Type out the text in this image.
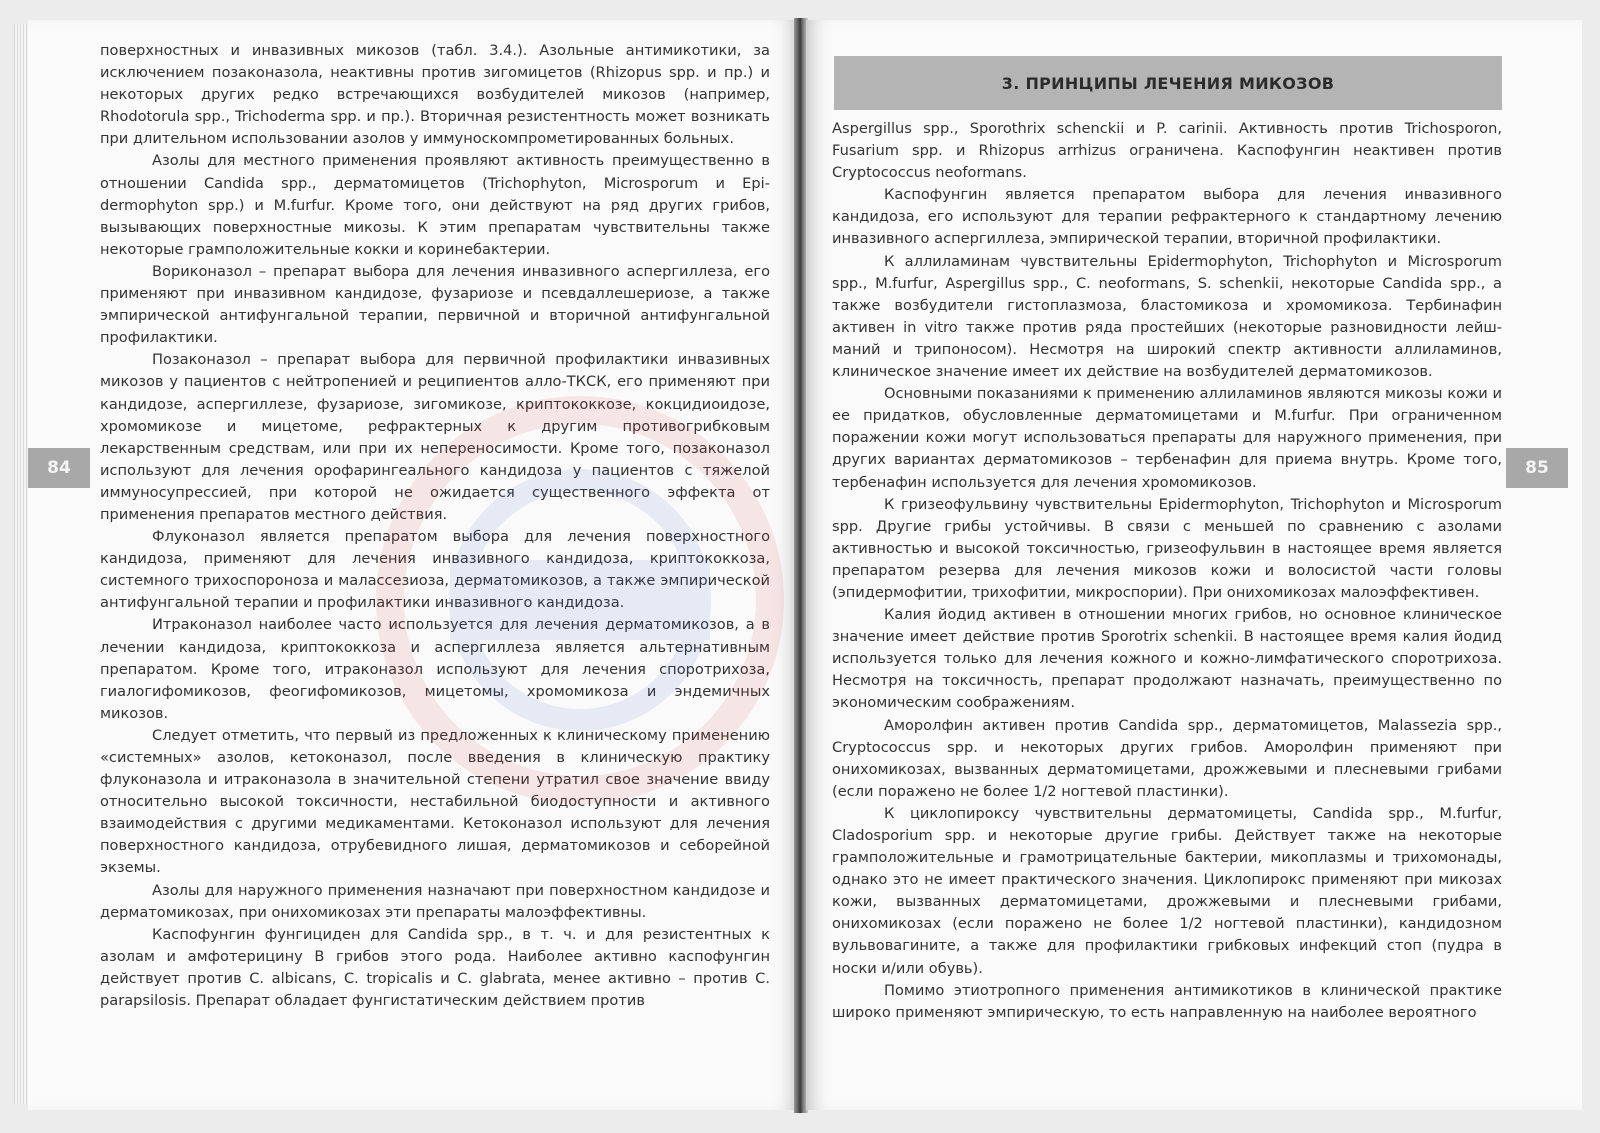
поверхностных и инвазивных микозов (табл. 3.4.). Азольные антимикотики, за исключением позаконазола, неактивны против зигомицетов (Rhizopus spp. и пр.) и некоторых других редко встречающихся возбудителей микозов (например, Rhodotorula spp., Trichoderma spp. и пр.). Вторичная резистентность может возникать при длительном использовании азолов у иммуноскомпрометированных больных.

Азолы для местного применения проявляют активность преимущественно в отношении Candida spp., дерматомицетов (Trichophyton, Microsporum и Epidermophyton spp.) и M.furfur. Кроме того, они действуют на ряд других грибов, вызывающих поверхностные микозы. К этим препаратам чувствительны также некоторые грамположительные кокки и коринебактерии.

Вориконазол – препарат выбора для лечения инвазивного аспергиллеза, его применяют при инвазивном кандидозе, фузариозе и псевдаллешериозе, а также эмпирической антифунгальной терапии, первичной и вторичной антифунгальной профилактики.

Позаконазол – препарат выбора для первичной профилактики инвазивных микозов у пациентов с нейтропенией и реципиентов алло-ТКСК, его применяют при кандидозе, аспергиллезе, фузариозе, зигомикозе, криптококкозе, кокцидиоидозе, хромомикозе и мицетоме, рефрактерных к другим противогрибковым лекарственным средствам, или при их непереносимости. Кроме того, позаконазол используют для лечения орофарингеального кандидоза у пациентов с тяжелой иммуносупрессией, при которой не ожидается существенного эффекта от применения препаратов местного действия.

Флуконазол является препаратом выбора для лечения поверхностного кандидоза, применяют для лечения инвазивного кандидоза, криптококкоза, системного трихоспороноза и малассезиоза, дерматомикозов, а также эмпирической антифунгальной терапии и профилактики инвазивного кандидоза.

Итраконазол наиболее часто используется для лечения дерматомикозов, а в лечении кандидоза, криптококкоза и аспергиллеза является альтернативным препаратом. Кроме того, итраконазол используют для лечения споротрихоза, гиалогифомикозов, феогифомикозов, мицетомы, хромомикоза и эндемичных микозов.

Следует отметить, что первый из предложенных к клиническому применению «системных» азолов, кетоконазол, после введения в клиническую практику флуконазола и итраконазола в значительной степени утратил свое значение ввиду относительно высокой токсичности, нестабильной биодоступности и активного взаимодействия с другими медикаментами. Кетоконазол используют для лечения поверхностного кандидоза, отрубевидного лишая, дерматомикозов и себорейной экземы.

Азолы для наружного применения назначают при поверхностном кандидозе и дерматомикозах, при онихомикозах эти препараты малоэффективны.

Каспофунгин фунгициден для Candida spp., в т. ч. и для резистентных к азолам и амфотерицину В грибов этого рода. Наиболее активно каспофунгин действует против C. albicans, C. tropicalis и C. glabrata, менее активно – против C. parapsilosis. Препарат обладает фунгистатическим действием против

84
3. ПРИНЦИПЫ ЛЕЧЕНИЯ МИКОЗОВ

Aspergillus spp., Sporothrix schenckii и P. carinii. Активность против Trichosporon, Fusarium spp. и Rhizopus arrhizus ограничена. Каспофунгин неактивен против Cryptococcus neoformans.

Каспофунгин является препаратом выбора для лечения инвазивного кандидоза, его используют для терапии рефрактерного к стандартному лечению инвазивного аспергиллеза, эмпирической терапии, вторичной профилактики.

К аллиламинам чувствительны Epidermophyton, Trichophyton и Microsporum spp., M.furfur, Aspergillus spp., C. neoformans, S. schenkii, некоторые Candida spp., а также возбудители гистоплазмоза, бластомикоза и хромомикоза. Тербинафин активен in vitro также против ряда простейших (некоторые разновидности лейшманий и трипоносом). Несмотря на широкий спектр активности аллиламинов, клиническое значение имеет их действие на возбудителей дерматомикозов.

Основными показаниями к применению аллиламинов являются микозы кожи и ее придатков, обусловленные дерматомицетами и M.furfur. При ограниченном поражении кожи могут использоваться препараты для наружного применения, при других вариантах дерматомикозов – тербенафин для приема внутрь. Кроме того, тербенафин используется для лечения хромомикозов.

К гризеофульвину чувствительны Epidermophyton, Trichophyton и Microsporum spp. Другие грибы устойчивы. В связи с меньшей по сравнению с азолами активностью и высокой токсичностью, гризеофульвин в настоящее время является препаратом резерва для лечения микозов кожи и волосистой части головы (эпидермофитии, трихофитии, микроспории). При онихомикозах малоэффективен.

Калия йодид активен в отношении многих грибов, но основное клиническое значение имеет действие против Sporotrix schenkii. В настоящее время калия йодид используется только для лечения кожного и кожно-лимфатического споротрихоза. Несмотря на токсичность, препарат продолжают назначать, преимущественно по экономическим соображениям.

Аморолфин активен против Candida spp., дерматомицетов, Malassezia spp., Cryptococcus spp. и некоторых других грибов. Аморолфин применяют при онихомикозах, вызванных дерматомицетами, дрожжевыми и плесневыми грибами (если поражено не более 1/2 ногтевой пластинки).

К циклопироксу чувствительны дерматомицеты, Candida spp., M.furfur, Cladosporium spp. и некоторые другие грибы. Действует также на некоторые грамположительные и грамотрицательные бактерии, микоплазмы и трихомонады, однако это не имеет практического значения. Циклопирокс применяют при микозах кожи, вызванных дерматомицетами, дрожжевыми и плесневыми грибами, онихомикозах (если поражено не более 1/2 ногтевой пластинки), кандидозном вульвовагините, а также для профилактики грибковых инфекций стоп (пудра в носки и/или обувь).

Помимо этиотропного применения антимикотиков в клинической практике широко применяют эмпирическую, то есть направленную на наиболее вероятного

85
